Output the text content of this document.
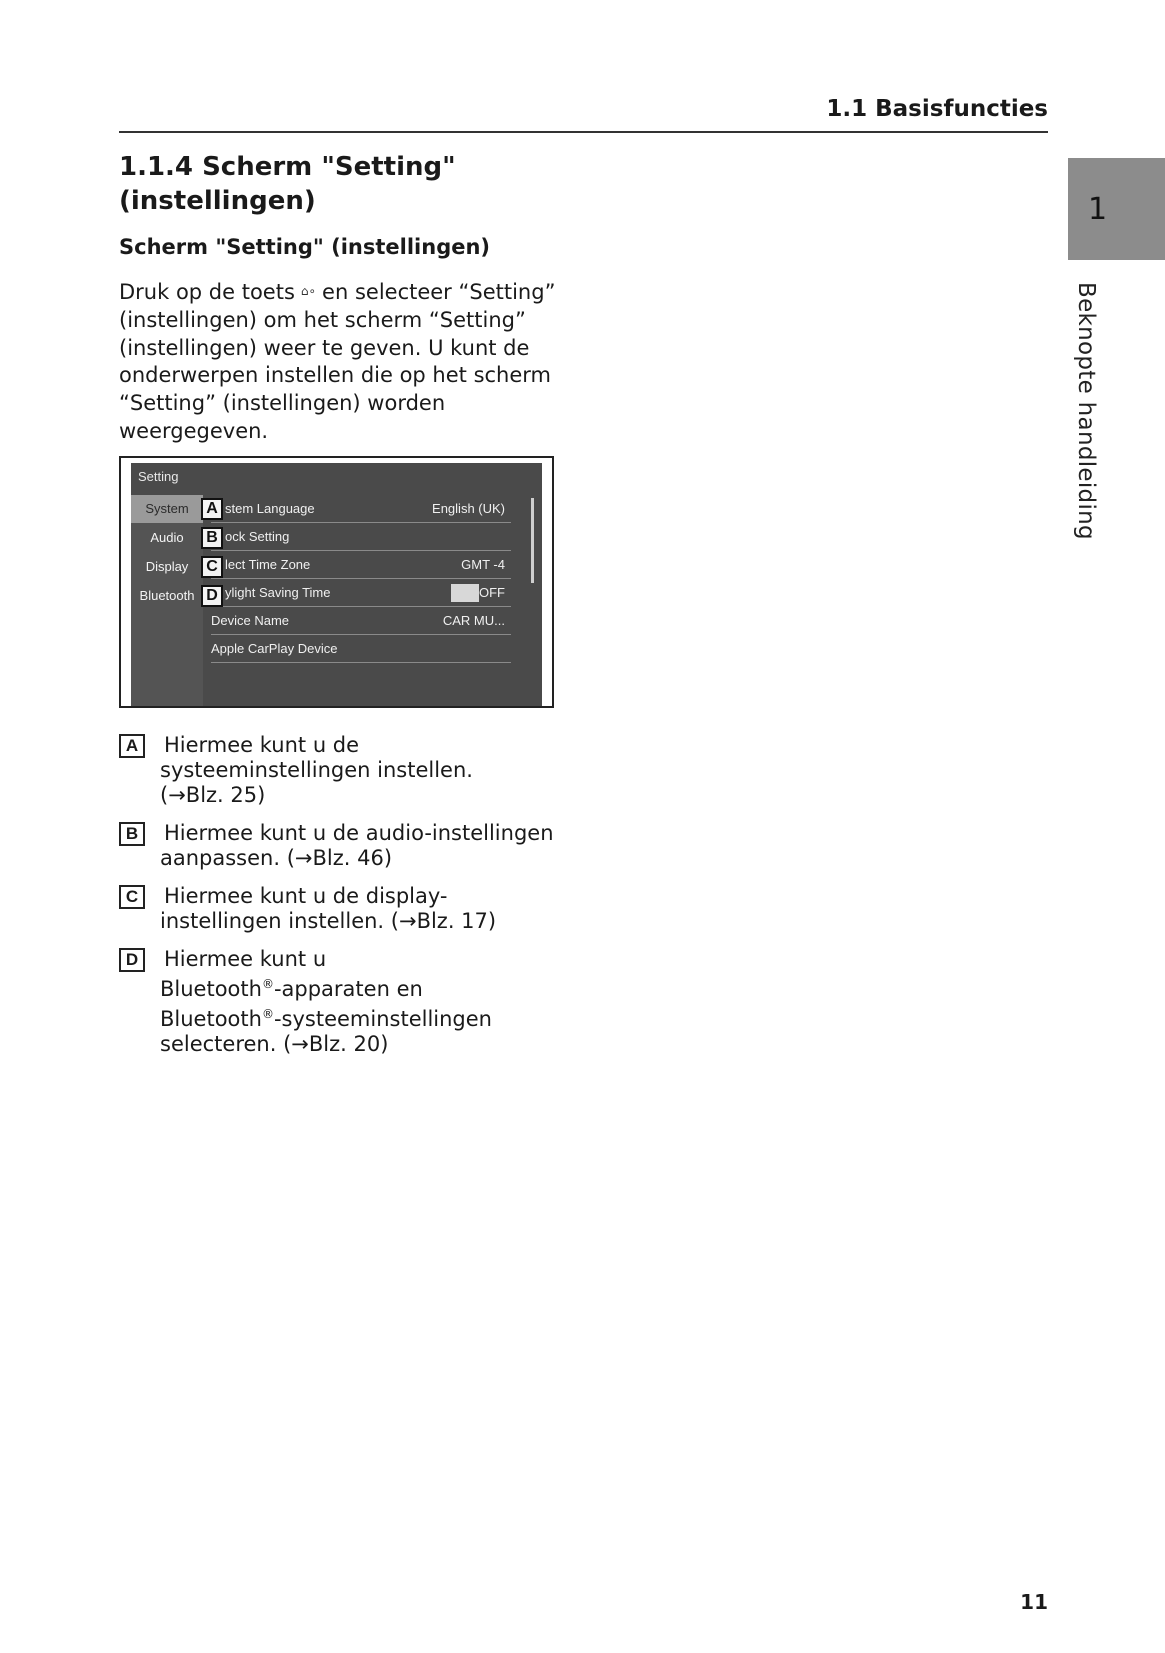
1.1 Basisfuncties
1
Beknopte handleiding
1.1.4 Scherm "Setting" (instellingen)
Scherm "Setting" (instellingen)

Druk op de toets ⌂∘ en selecteer “Setting” (instellingen) om het scherm “Setting” (instellingen) weer te geven. U kunt de onderwerpen instellen die op het scherm “Setting” (instellingen) worden weergegeven.

Setting
System
Audio
Display
Bluetooth
stem Language	English (UK)
ock Setting
lect Time Zone	GMT -4
ylight Saving Time	OFF
Device Name	CAR MU...
Apple CarPlay Device
A
B
C
D
A	Hiermee kunt u de
systeeminstellingen instellen.
(→Blz. 25)
B	Hiermee kunt u de audio-instellingen
aanpassen. (→Blz. 46)
C	Hiermee kunt u de display-
instellingen instellen. (→Blz. 17)
D	Hiermee kunt u
Bluetooth®-apparaten en
Bluetooth®-systeeminstellingen
selecteren. (→Blz. 20)
11
